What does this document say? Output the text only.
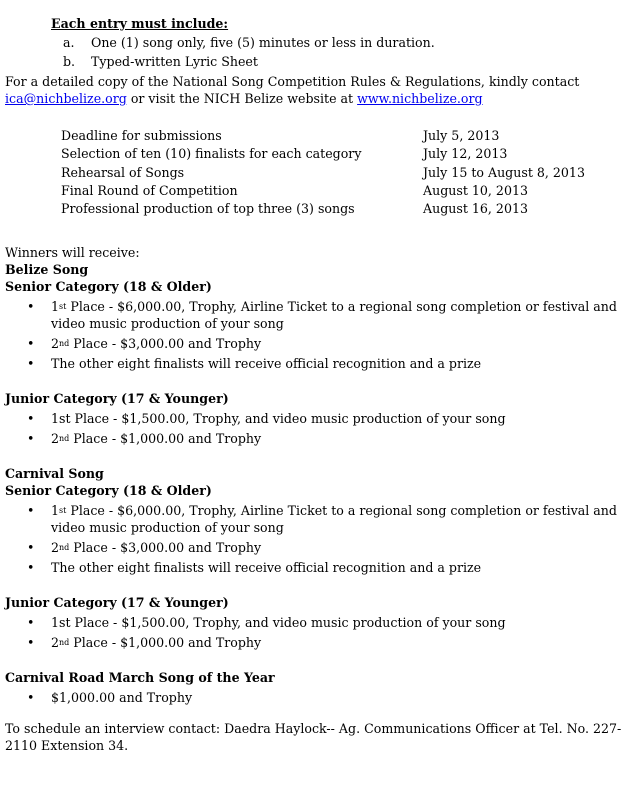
Each entry must include:
a. One (1) song only, five (5) minutes or less in duration.
b. Typed-written Lyric Sheet

For a detailed copy of the National Song Competition Rules & Regulations, kindly contact
ica@nichbelize.org or visit the NICH Belize website at www.nichbelize.org

Deadline for submissions	July 5, 2013
Selection of ten (10) finalists for each category	July 12, 2013
Rehearsal of Songs	July 15 to August 8, 2013
Final Round of Competition	August 10, 2013
Professional production of top three (3) songs	August 16, 2013

Winners will receive:

Belize Song

Senior Category (18 & Older)

• 1st Place - $6,000.00, Trophy, Airline Ticket to a regional song completion or festival and video music production of your song
• 2nd Place - $3,000.00 and Trophy
• The other eight finalists will receive official recognition and a prize

Junior Category (17 & Younger)

• 1st Place - $1,500.00, Trophy, and video music production of your song
• 2nd Place - $1,000.00 and Trophy

Carnival Song

Senior Category (18 & Older)

• 1st Place - $6,000.00, Trophy, Airline Ticket to a regional song completion or festival and video music production of your song
• 2nd Place - $3,000.00 and Trophy
• The other eight finalists will receive official recognition and a prize

Junior Category (17 & Younger)

• 1st Place - $1,500.00, Trophy, and video music production of your song
• 2nd Place - $1,000.00 and Trophy

Carnival Road March Song of the Year

• $1,000.00 and Trophy

To schedule an interview contact: Daedra Haylock-- Ag. Communications Officer at Tel. No. 227-2110 Extension 34.
